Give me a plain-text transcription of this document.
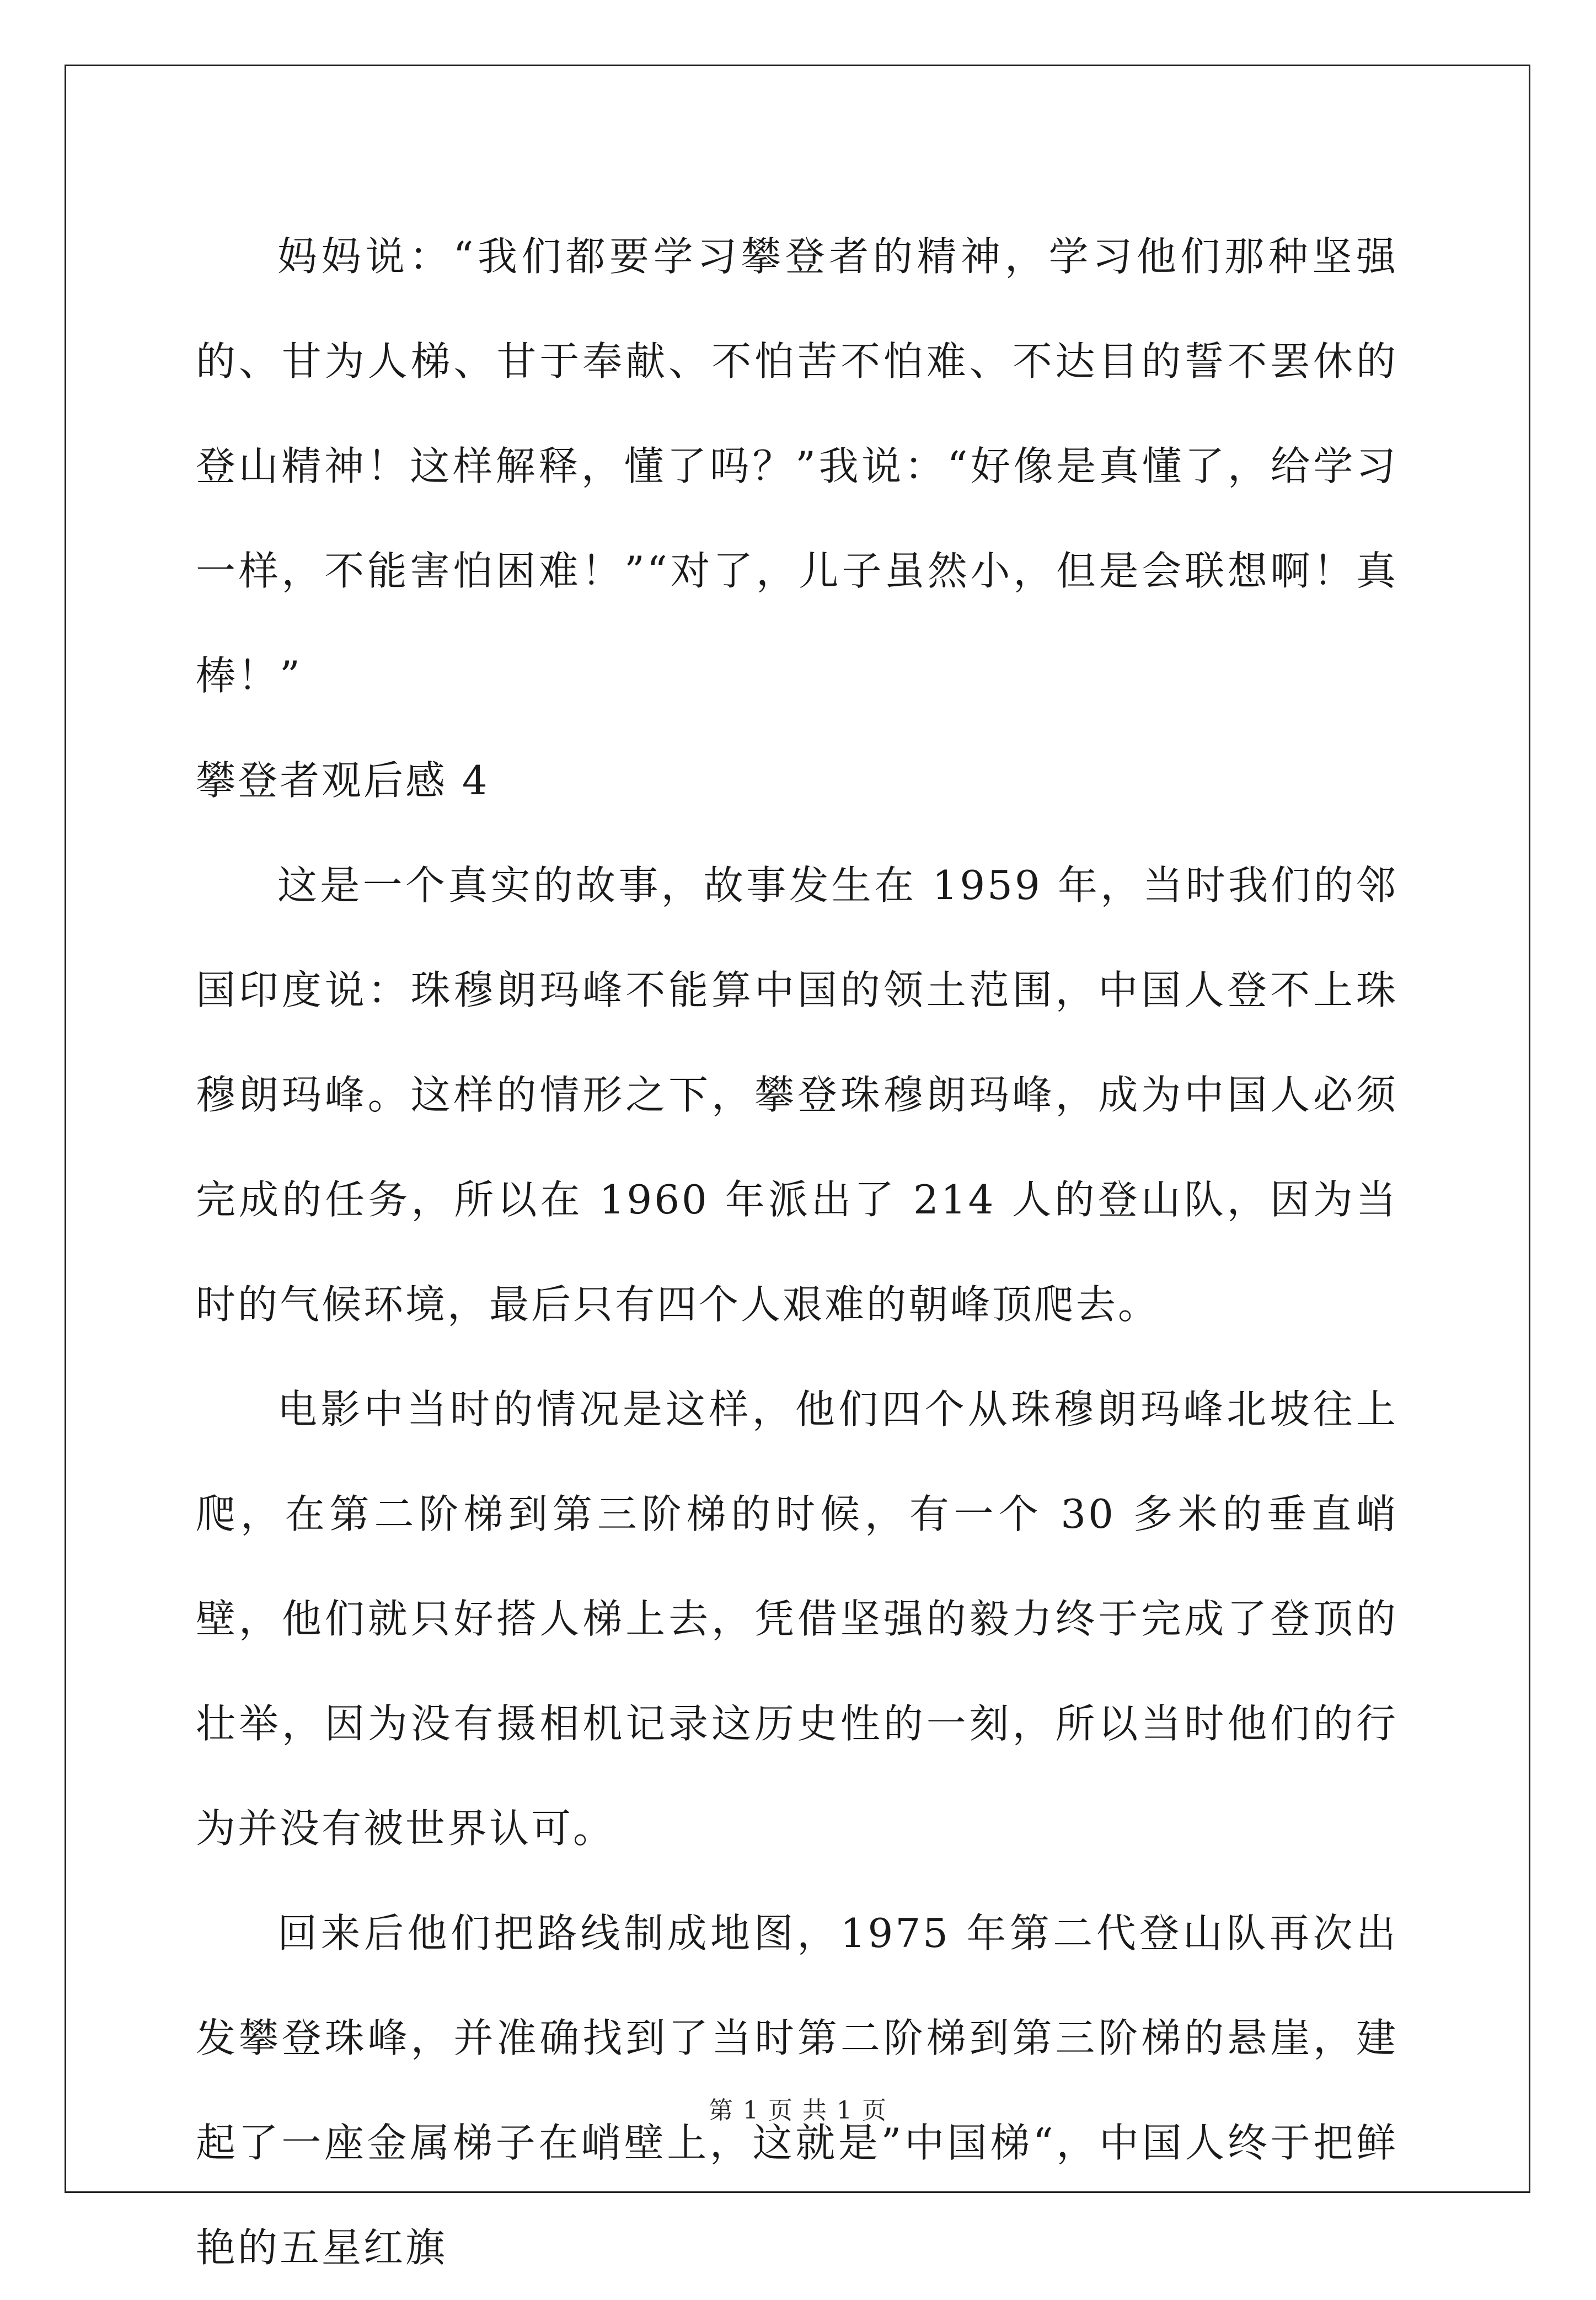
妈妈说：“我们都要学习攀登者的精神，学习他们那种坚强的、甘为人梯、甘于奉献、不怕苦不怕难、不达目的誓不罢休的登山精神！这样解释，懂了吗？”我说：“好像是真懂了，给学习一样，不能害怕困难！”“对了，儿子虽然小，但是会联想啊！真棒！”

攀登者观后感 4

这是一个真实的故事，故事发生在 1959 年，当时我们的邻国印度说：珠穆朗玛峰不能算中国的领土范围，中国人登不上珠穆朗玛峰。这样的情形之下，攀登珠穆朗玛峰，成为中国人必须完成的任务，所以在 1960 年派出了 214 人的登山队，因为当时的气候环境，最后只有四个人艰难的朝峰顶爬去。

电影中当时的情况是这样，他们四个从珠穆朗玛峰北坡往上爬，在第二阶梯到第三阶梯的时候，有一个 30 多米的垂直峭壁，他们就只好搭人梯上去，凭借坚强的毅力终于完成了登顶的壮举，因为没有摄相机记录这历史性的一刻，所以当时他们的行为并没有被世界认可。

回来后他们把路线制成地图，1975 年第二代登山队再次出发攀登珠峰，并准确找到了当时第二阶梯到第三阶梯的悬崖，建起了一座金属梯子在峭壁上，这就是”中国梯“，中国人终于把鲜艳的五星红旗

第 1 页 共 1 页
